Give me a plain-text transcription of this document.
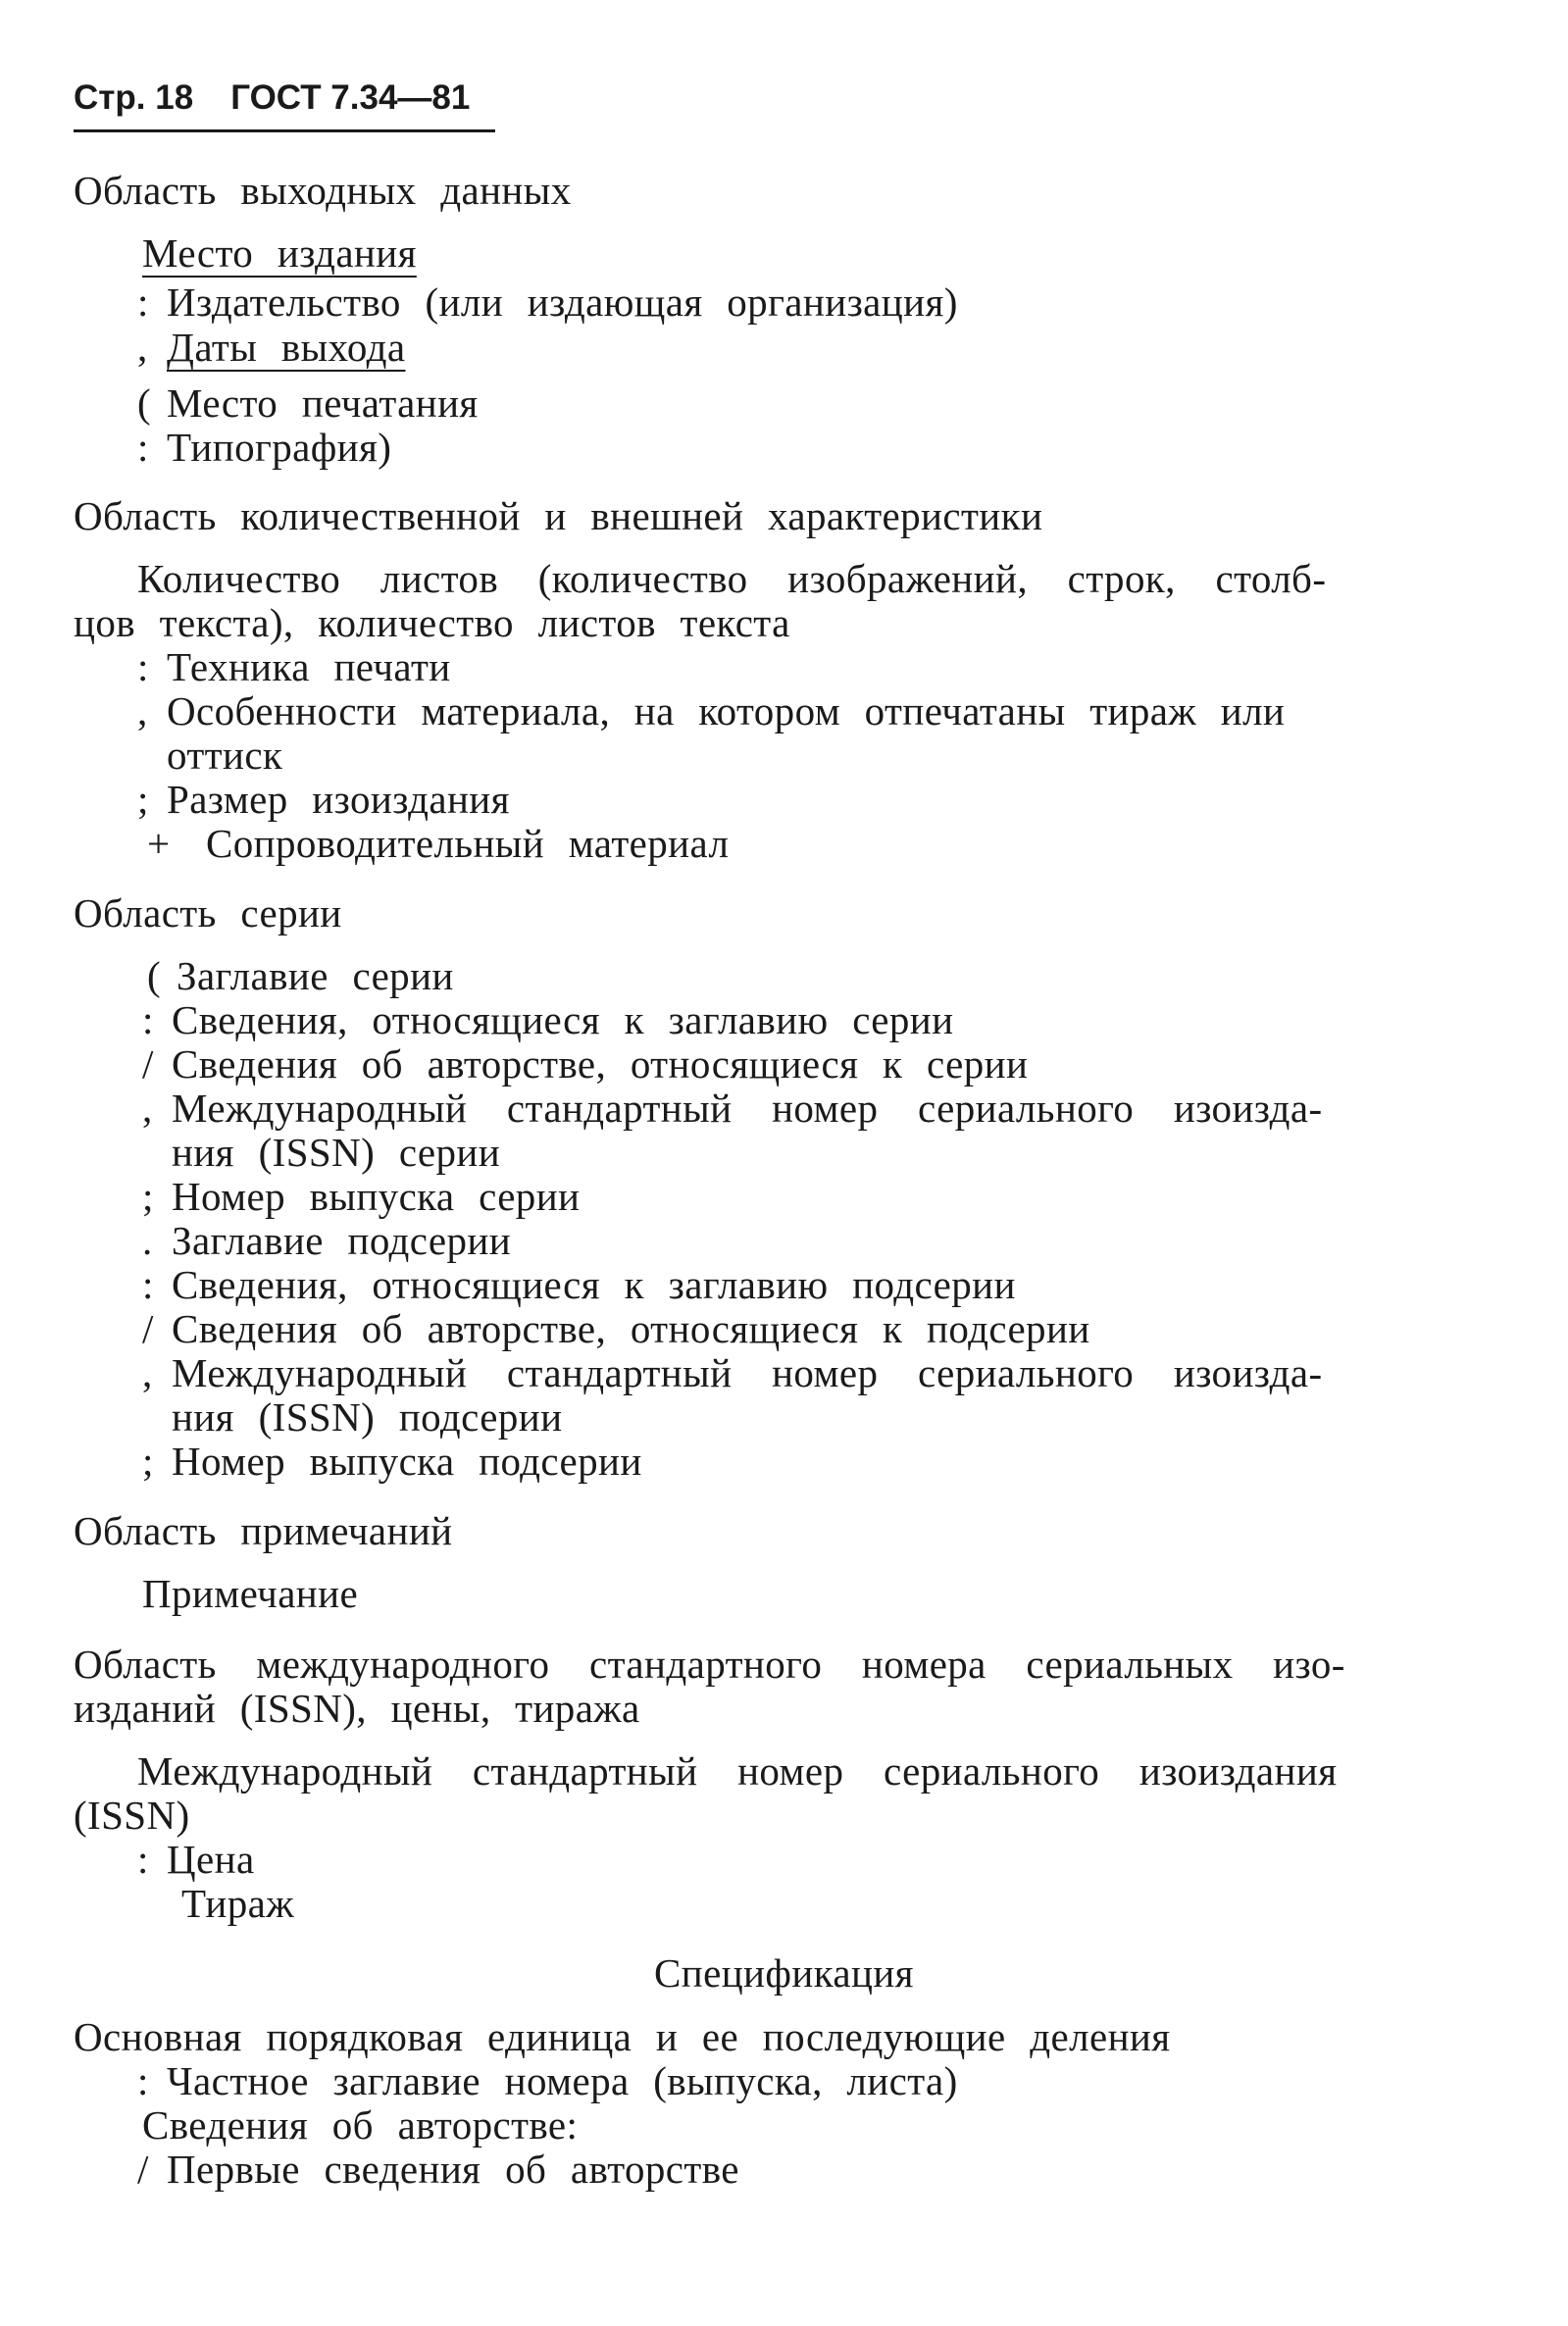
Стр. 18 ГОСТ 7.34—81
Область выходных данных
Место издания
: Издательство (или издающая организация)
, Даты выхода
( Место печатания
: Типография)
Область количественной и внешней характеристики
Количество листов (количество изображений, строк, столб-
цов текста), количество листов текста
: Техника печати
, Особенности материала, на котором отпечатаны тираж или
оттиск
; Размер изоиздания
+ Сопроводительный материал
Область серии
( Заглавие серии
: Сведения, относящиеся к заглавию серии
/ Сведения об авторстве, относящиеся к серии
, Международный стандартный номер сериального изоизда-
ния (ISSN) серии
; Номер выпуска серии
. Заглавие подсерии
: Сведения, относящиеся к заглавию подсерии
/ Сведения об авторстве, относящиеся к подсерии
, Международный стандартный номер сериального изоизда-
ния (ISSN) подсерии
; Номер выпуска подсерии
Область примечаний
Примечание
Область международного стандартного номера сериальных изо-
изданий (ISSN), цены, тиража
Международный стандартный номер сериального изоиздания
(ISSN)
: Цена
Тираж
Спецификация
Основная порядковая единица и ее последующие деления
: Частное заглавие номера (выпуска, листа)
Сведения об авторстве:
/ Первые сведения об авторстве
